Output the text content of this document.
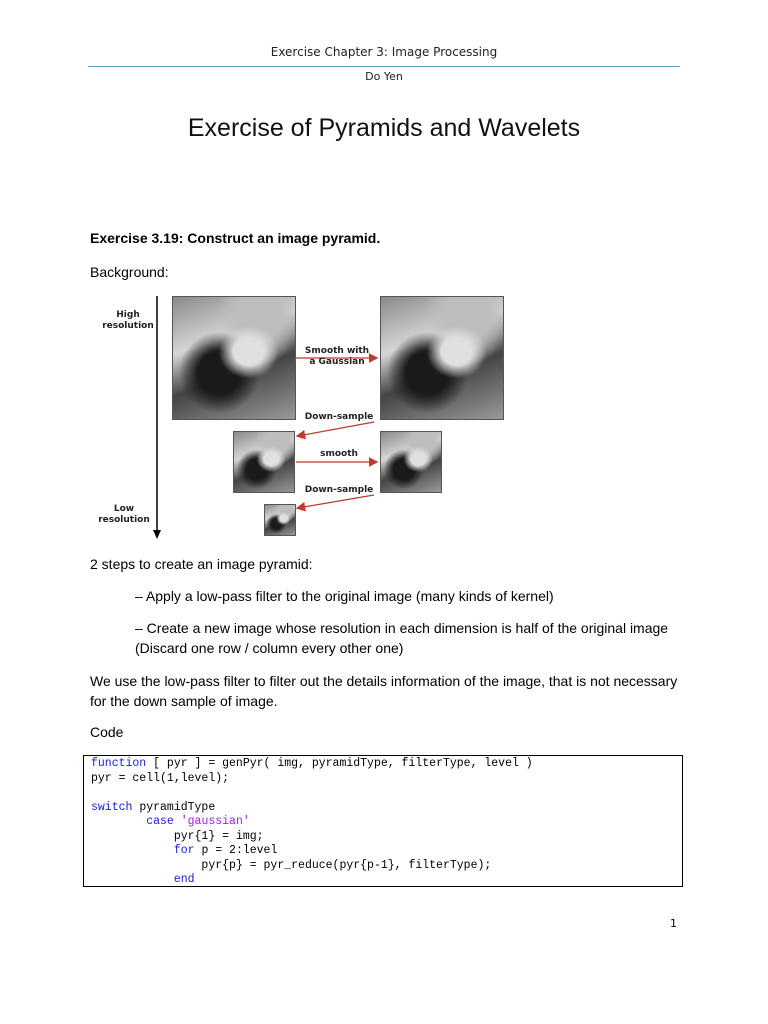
Exercise Chapter 3: Image Processing
Do Yen
Exercise of Pyramids and Wavelets
Exercise 3.19: Construct an image pyramid.
Background:
High resolution
Low resolution
Smooth with a Gaussian
Down-sample
smooth
Down-sample
2 steps to create an image pyramid:
– Apply a low-pass filter to the original image (many kinds of kernel)
– Create a new image whose resolution in each dimension is half of the original image (Discard one row / column every other one)
We use the low-pass filter to filter out the details information of the image, that is not necessary for the down sample of image.
Code
function [ pyr ] = genPyr( img, pyramidType, filterType, level )
pyr = cell(1,level);
switch pyramidType
case 'gaussian'
pyr{1} = img;
for p = 2:level
pyr{p} = pyr_reduce(pyr{p-1}, filterType);
end
1
